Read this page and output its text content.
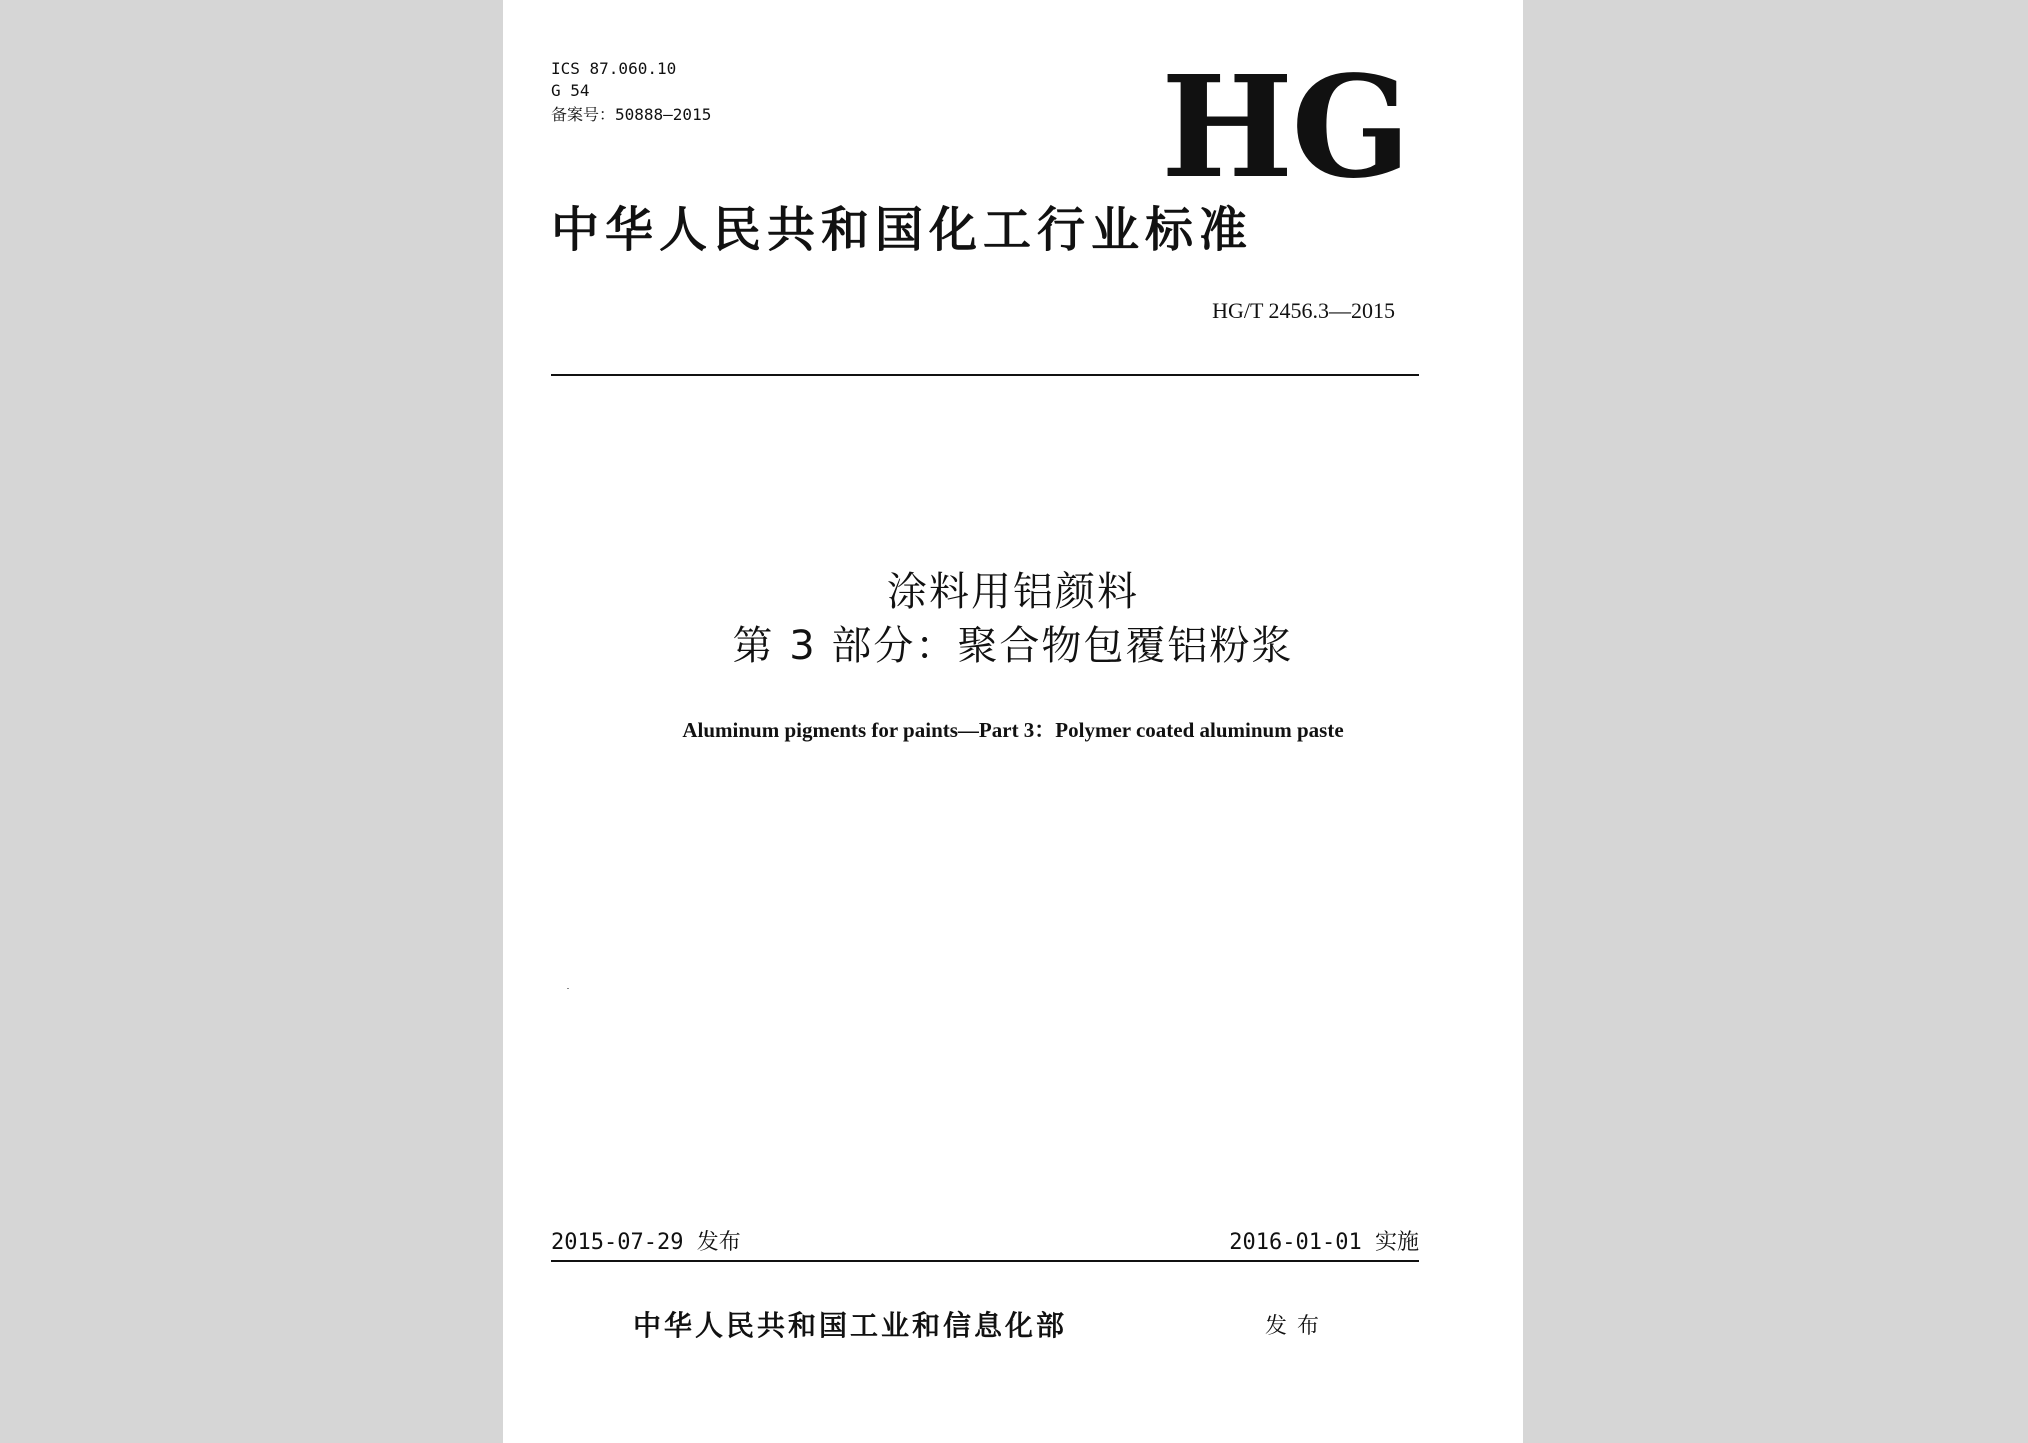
ICS 87.060.10
G 54
备案号：50888—2015	HG
中华人民共和国化工行业标准
HG/T 2456.3—2015
涂料用铝颜料
第 3 部分：聚合物包覆铝粉浆
Aluminum pigments for paints—Part 3：Polymer coated aluminum paste
2015-07-29 发布	2016-01-01 实施
中华人民共和国工业和信息化部	发布
